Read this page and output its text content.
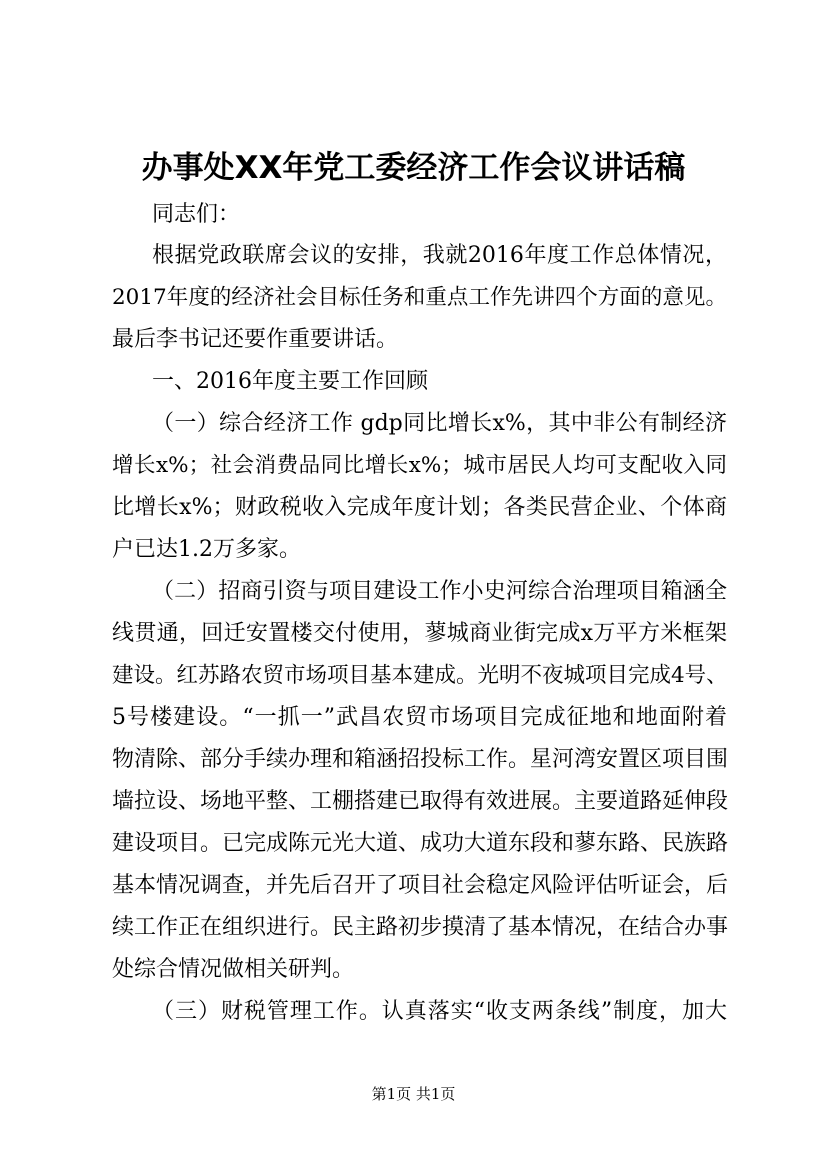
办事处XX年党工委经济工作会议讲话稿
同志们：
根据党政联席会议的安排，我就2016年度工作总体情况，
2017年度的经济社会目标任务和重点工作先讲四个方面的意见。
最后李书记还要作重要讲话。
一、2016年度主要工作回顾
（一）综合经济工作 gdp同比增长x%，其中非公有制经济
增长x%；社会消费品同比增长x%；城市居民人均可支配收入同
比增长x%；财政税收入完成年度计划；各类民营企业、个体商
户已达1.2万多家。
（二）招商引资与项目建设工作小史河综合治理项目箱涵全
线贯通，回迁安置楼交付使用，蓼城商业街完成x万平方米框架
建设。红苏路农贸市场项目基本建成。光明不夜城项目完成4号、
5号楼建设。“一抓一”武昌农贸市场项目完成征地和地面附着
物清除、部分手续办理和箱涵招投标工作。星河湾安置区项目围
墙拉设、场地平整、工棚搭建已取得有效进展。主要道路延伸段
建设项目。已完成陈元光大道、成功大道东段和蓼东路、民族路
基本情况调查，并先后召开了项目社会稳定风险评估听证会，后
续工作正在组织进行。民主路初步摸清了基本情况，在结合办事
处综合情况做相关研判。
（三）财税管理工作。认真落实“收支两条线”制度，加大
第1页 共1页
